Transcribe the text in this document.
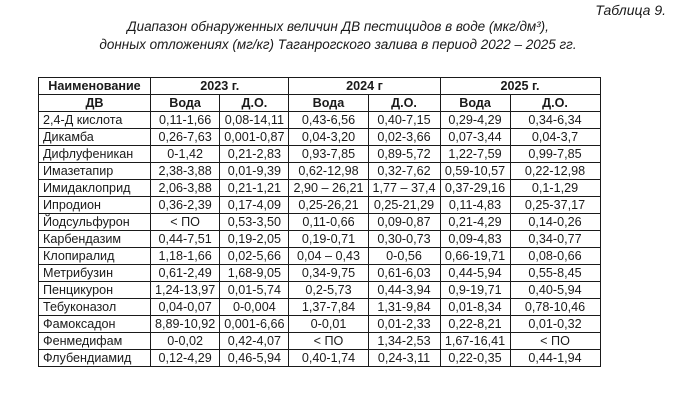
Таблица 9.
Диапазон обнаруженных величин ДВ пестицидов в воде (мкг/дм³),
донных отложениях (мг/кг) Таганрогского залива в период 2022 – 2025 гг.
Наименование	2023 г.		2024 г		2025 г.	
ДВ	Вода	Д.О.	Вода	Д.О.	Вода	Д.О.
2,4-Д кислота	0,11-1,66	0,08-14,11	0,43-6,56	0,40-7,15	0,29-4,29	0,34-6,34
Дикамба	0,26-7,63	0,001-0,87	0,04-3,20	0,02-3,66	0,07-3,44	0,04-3,7
Дифлуфеникан	0-1,42	0,21-2,83	0,93-7,85	0,89-5,72	1,22-7,59	0,99-7,85
Имазетапир	2,38-3,88	0,01-9,39	0,62-12,98	0,32-7,62	0,59-10,57	0,22-12,98
Имидаклоприд	2,06-3,88	0,21-1,21	2,90 – 26,21	1,77 – 37,4	0,37-29,16	0,1-1,29
Ипродион	0,36-2,39	0,17-4,09	0,25-26,21	0,25-21,29	0,11-4,83	0,25-37,17
Йодсульфурон	< ПО	0,53-3,50	0,11-0,66	0,09-0,87	0,21-4,29	0,14-0,26
Карбендазим	0,44-7,51	0,19-2,05	0,19-0,71	0,30-0,73	0,09-4,83	0,34-0,77
Клопиралид	1,18-1,66	0,02-5,66	0,04 – 0,43	0-0,56	0,66-19,71	0,08-0,66
Метрибузин	0,61-2,49	1,68-9,05	0,34-9,75	0,61-6,03	0,44-5,94	0,55-8,45
Пенцикурон	1,24-13,97	0,01-5,74	0,2-5,73	0,44-3,94	0,9-19,71	0,40-5,94
Тебуконазол	0,04-0,07	0-0,004	1,37-7,84	1,31-9,84	0,01-8,34	0,78-10,46
Фамоксадон	8,89-10,92	0,001-6,66	0-0,01	0,01-2,33	0,22-8,21	0,01-0,32
Фенмедифам	0-0,02	0,42-4,07	< ПО	1,34-2,53	1,67-16,41	< ПО
Флубендиамид	0,12-4,29	0,46-5,94	0,40-1,74	0,24-3,11	0,22-0,35	0,44-1,94
